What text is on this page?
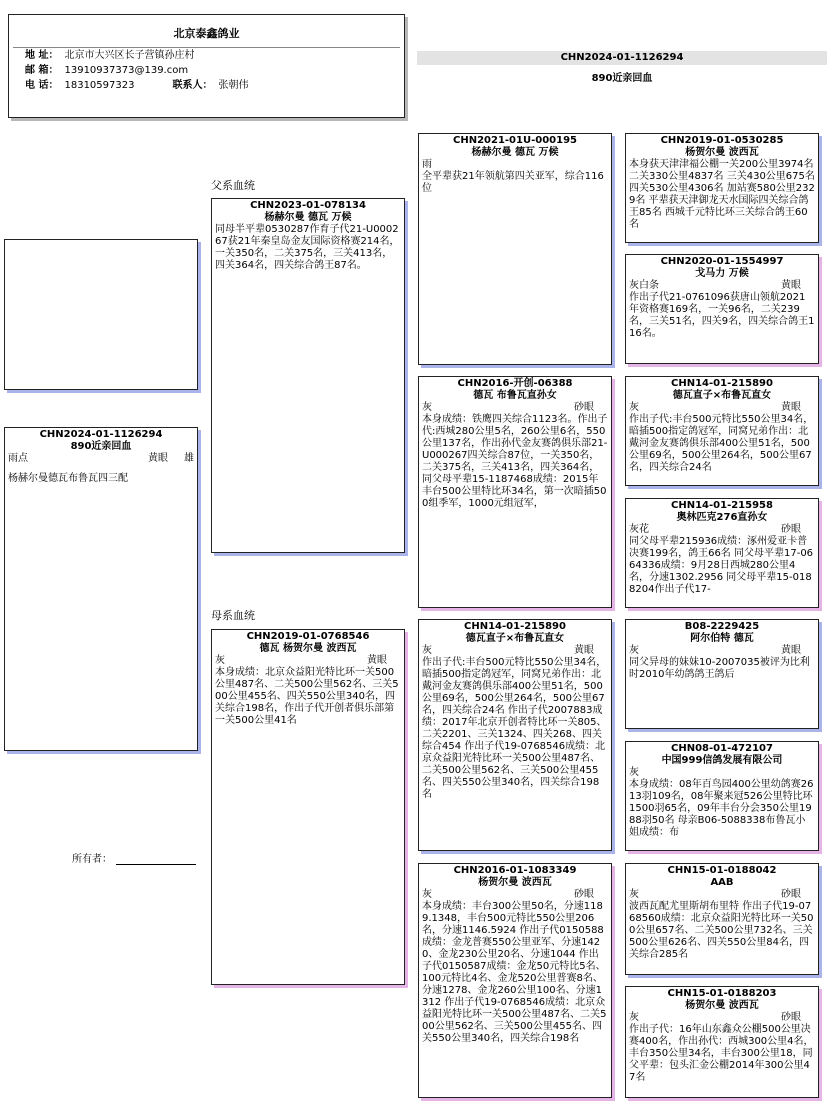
北京泰鑫鸽业
地 址： 北京市大兴区长子营镇孙庄村
邮 箱： 13910937373@139.com
电 话： 18310597323	联系人： 张朝伟
CHN2024-01-1126294
890近亲回血
CHN2024-01-1126294
890近亲回血
雨点	黄眼 雄
杨赫尔曼德瓦布鲁瓦四三配
父系血统
母系血统
所有者：
CHN2023-01-078134
杨赫尔曼 德瓦 万候
同母半平辈0530287作育子代21-U000267获21年秦皇岛金友国际资格赛214名，一关350名，二关375名，三关413名，四关364名，四关综合鸽王87名。
CHN2019-01-0768546
德瓦 杨贺尔曼 波西瓦
灰	黄眼
本身成绩：北京众益阳光特比环一关500公里487名、二关500公里562名、三关500公里455名、四关550公里340名，四关综合198名，作出子代开创者俱乐部第一关500公里41名
CHN2021-01U-000195
杨赫尔曼 德瓦 万候
雨
全平辈获21年领航第四关亚军，综合116位
CHN2016-开创-06388
德瓦 布鲁瓦直孙女
灰	砂眼
本身成绩：铁鹰四关综合1123名。作出子代:西城280公里5名，260公里6名，550公里137名，作出孙代金友赛鸽俱乐部21-U000267四关综合87位，一关350名，二关375名，三关413名，四关364名，同父母平辈15-1187468成绩：2015年丰台500公里特比环34名，第一次暗插500组季军，1000元组冠军，
CHN14-01-215890
德瓦直子×布鲁瓦直女
灰	黄眼
作出子代:丰台500元特比550公里34名，暗插500指定鸽冠军，同窝兄弟作出：北戴河金友赛鸽俱乐部400公里51名，500公里69名，500公里264名，500公里67名，四关综合24名 作出子代2007883成绩：2017年北京开创者特比环一关805、二关2201、三关1324、四关268、四关综合454 作出子代19-0768546成绩：北京众益阳光特比环一关500公里487名、二关500公里562名、三关500公里455名、四关550公里340名，四关综合198名
CHN2016-01-1083349
杨贺尔曼 波西瓦
灰	砂眼
本身成绩：丰台300公里50名，分速1189.1348，丰台500元特比550公里206名，分速1146.5924 作出子代0150588成绩：金龙普赛550公里亚军、分速1420、金龙230公里20名、分速1044 作出子代0150587成绩：金龙50元特比5名、100元特比4名、金龙520公里普赛8名、分速1278、金龙260公里100名、分速1312 作出子代19-0768546成绩：北京众益阳光特比环一关500公里487名、二关500公里562名、三关500公里455名、四关550公里340名，四关综合198名
CHN2019-01-0530285
杨贺尔曼 波西瓦
本身获天津津福公棚一关200公里3974名 二关330公里4837名 三关430公里675名 四关530公里4306名 加站赛580公里2329名 平辈获天津御龙天水国际四关综合鸽王85名 西城千元特比环三关综合鸽王60名
CHN2020-01-1554997
戈马力 万候
灰白条	黄眼
作出子代21-0761096获唐山领航2021年资格赛169名，一关96名，二关239名，三关51名，四关9名，四关综合鸽王116名。
CHN14-01-215890
德瓦直子×布鲁瓦直女
灰	黄眼
作出子代:丰台500元特比550公里34名，暗插500指定鸽冠军，同窝兄弟作出：北戴河金友赛鸽俱乐部400公里51名，500公里69名，500公里264名，500公里67名，四关综合24名
CHN14-01-215958
奥林匹克276直孙女
灰花	砂眼
同父母平辈215936成绩：涿州爱亚卡普决赛199名，鸽王66名 同父母平辈17-0664336成绩：9月28日西城280公里4名，分速1302.2956 同父母平辈15-0188204作出子代17-
B08-2229425
阿尔伯特 德瓦
灰	黄眼
同父异母的妹妹10-2007035被评为比利时2010年幼鸽鸽王鸽后
CHN08-01-472107
中国999信鸽发展有限公司
灰
本身成绩：08年百鸟园400公里幼鸽赛2613羽109名，08年聚来冠526公里特比环1500羽65名，09年丰台分会350公里1988羽50名 母亲B06-5088338布鲁瓦小姐成绩：布
CHN15-01-0188042
AAB
灰	砂眼
波西瓦配尤里斯胡布里特 作出子代19-0768560成绩：北京众益阳光特比环一关500公里657名、二关500公里732名、三关500公里626名、四关550公里84名，四关综合285名
CHN15-01-0188203
杨贺尔曼 波西瓦
灰	砂眼
作出子代：16年山东鑫众公棚500公里决赛400名，作出孙代：西城300公里4名，丰台350公里34名，丰台300公里18，同父平辈：包头汇金公棚2014年300公里47名
